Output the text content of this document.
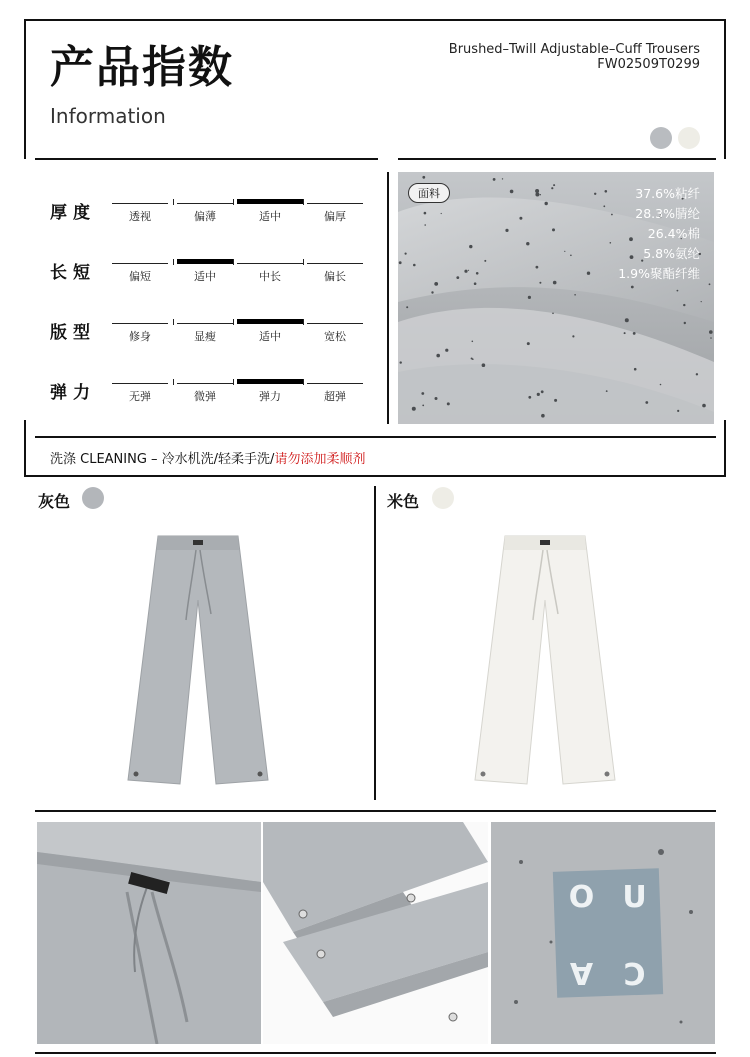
产品指数
Information
Brushed–Twill Adjustable–Cuff Trousers
FW02509T0299
厚度	透视	偏薄	适中	偏厚
长短	偏短	适中	中长	偏长
版型	修身	显瘦	适中	宽松
弹力	无弹	微弹	弹力	超弹
面料	37.6%粘纤
28.3%腈纶
26.4%棉
5.8%氨纶
1.9%聚酯纤维
洗涤 CLEANING – 冷水机洗/轻柔手洗/请勿添加柔顺剂
灰色	米色
O U
A	C
